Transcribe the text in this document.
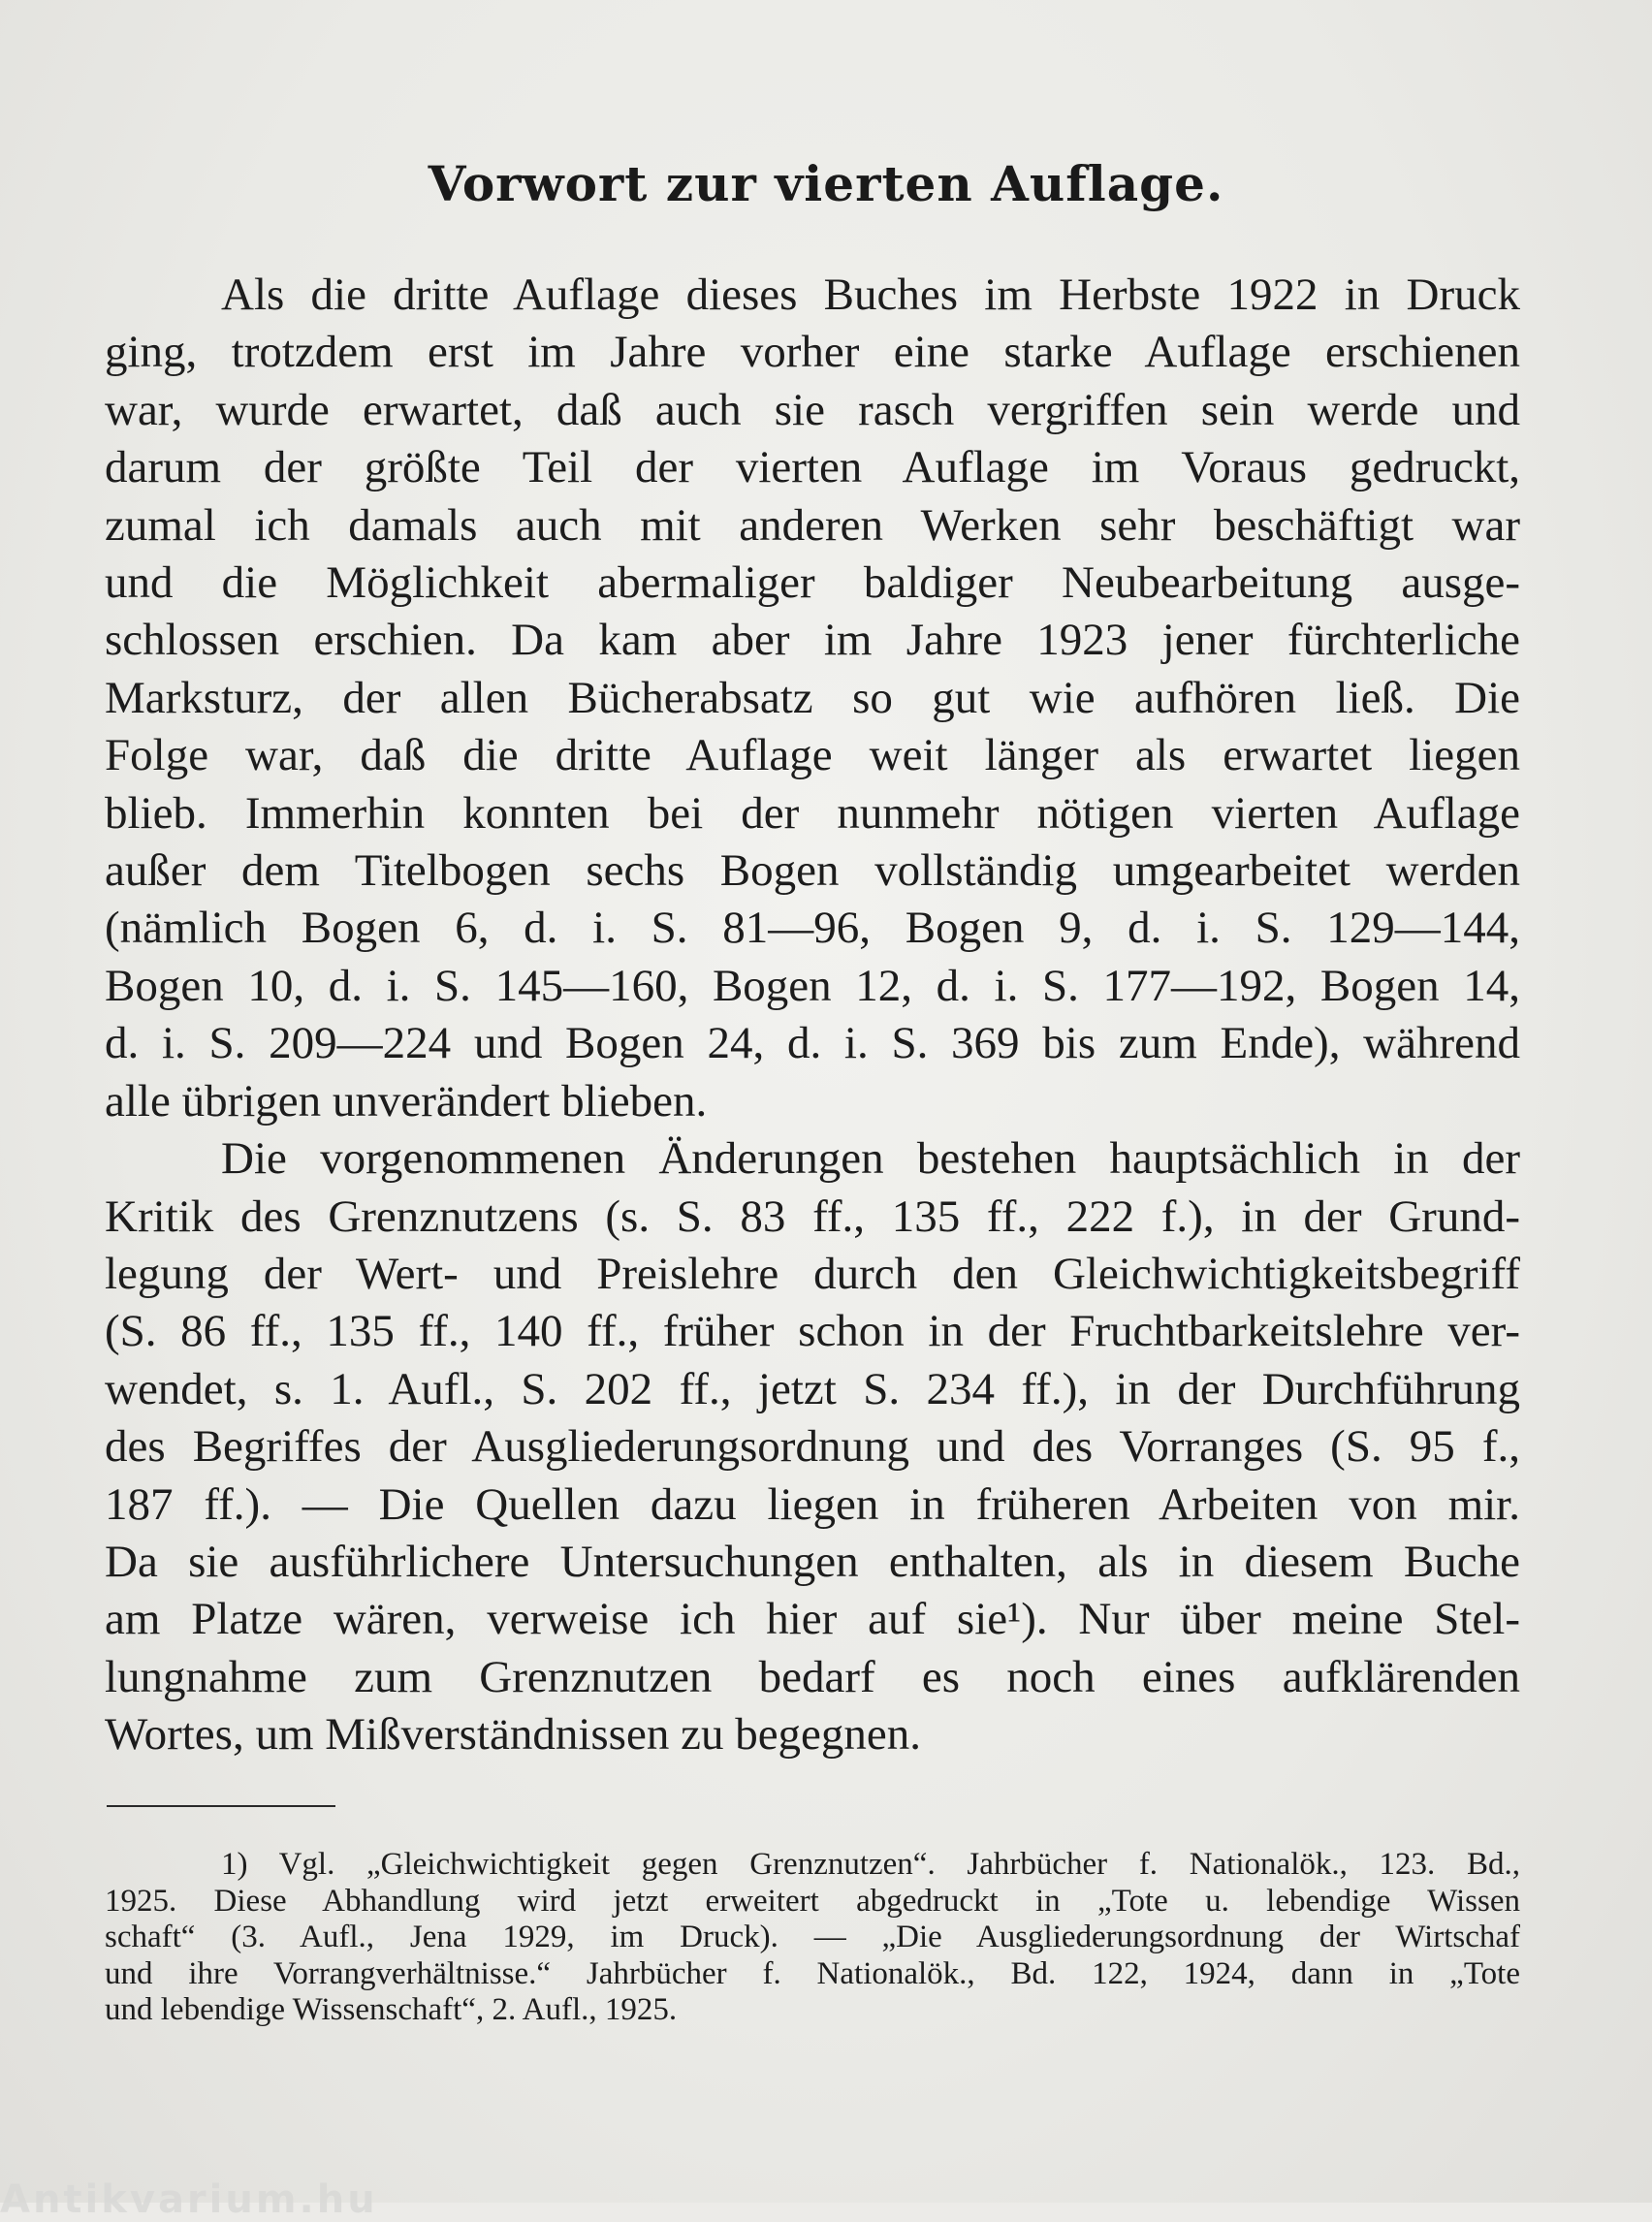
Vorwort zur vierten Auflage.
Als die dritte Auflage dieses Buches im Herbste 1922 in Druck
ging, trotzdem erst im Jahre vorher eine starke Auflage erschienen
war, wurde erwartet, daß auch sie rasch vergriffen sein werde und
darum der größte Teil der vierten Auflage im Voraus gedruckt,
zumal ich damals auch mit anderen Werken sehr beschäftigt war
und die Möglichkeit abermaliger baldiger Neubearbeitung ausge-
schlossen erschien. Da kam aber im Jahre 1923 jener fürchterliche
Marksturz, der allen Bücherabsatz so gut wie aufhören ließ. Die
Folge war, daß die dritte Auflage weit länger als erwartet liegen
blieb. Immerhin konnten bei der nunmehr nötigen vierten Auflage
außer dem Titelbogen sechs Bogen vollständig umgearbeitet werden
(nämlich Bogen 6, d. i. S. 81—96, Bogen 9, d. i. S. 129—144,
Bogen 10, d. i. S. 145—160, Bogen 12, d. i. S. 177—192, Bogen 14,
d. i. S. 209—224 und Bogen 24, d. i. S. 369 bis zum Ende), während
alle übrigen unverändert blieben.
Die vorgenommenen Änderungen bestehen hauptsächlich in der
Kritik des Grenznutzens (s. S. 83 ff., 135 ff., 222 f.), in der Grund-
legung der Wert- und Preislehre durch den Gleichwichtigkeitsbegriff
(S. 86 ff., 135 ff., 140 ff., früher schon in der Fruchtbarkeitslehre ver-
wendet, s. 1. Aufl., S. 202 ff., jetzt S. 234 ff.), in der Durchführung
des Begriffes der Ausgliederungsordnung und des Vorranges (S. 95 f.,
187 ff.). — Die Quellen dazu liegen in früheren Arbeiten von mir.
Da sie ausführlichere Untersuchungen enthalten, als in diesem Buche
am Platze wären, verweise ich hier auf sie¹). Nur über meine Stel-
lungnahme zum Grenznutzen bedarf es noch eines aufklärenden
Wortes, um Mißverständnissen zu begegnen.
1) Vgl. „Gleichwichtigkeit gegen Grenznutzen“. Jahrbücher f. Nationalök., 123. Bd.,
1925. Diese Abhandlung wird jetzt erweitert abgedruckt in „Tote u. lebendige Wissen
schaft“ (3. Aufl., Jena 1929, im Druck). — „Die Ausgliederungsordnung der Wirtschaf
und ihre Vorrangverhältnisse.“ Jahrbücher f. Nationalök., Bd. 122, 1924, dann in „Tote
und lebendige Wissenschaft“, 2. Aufl., 1925.
Antikvarium.hu
